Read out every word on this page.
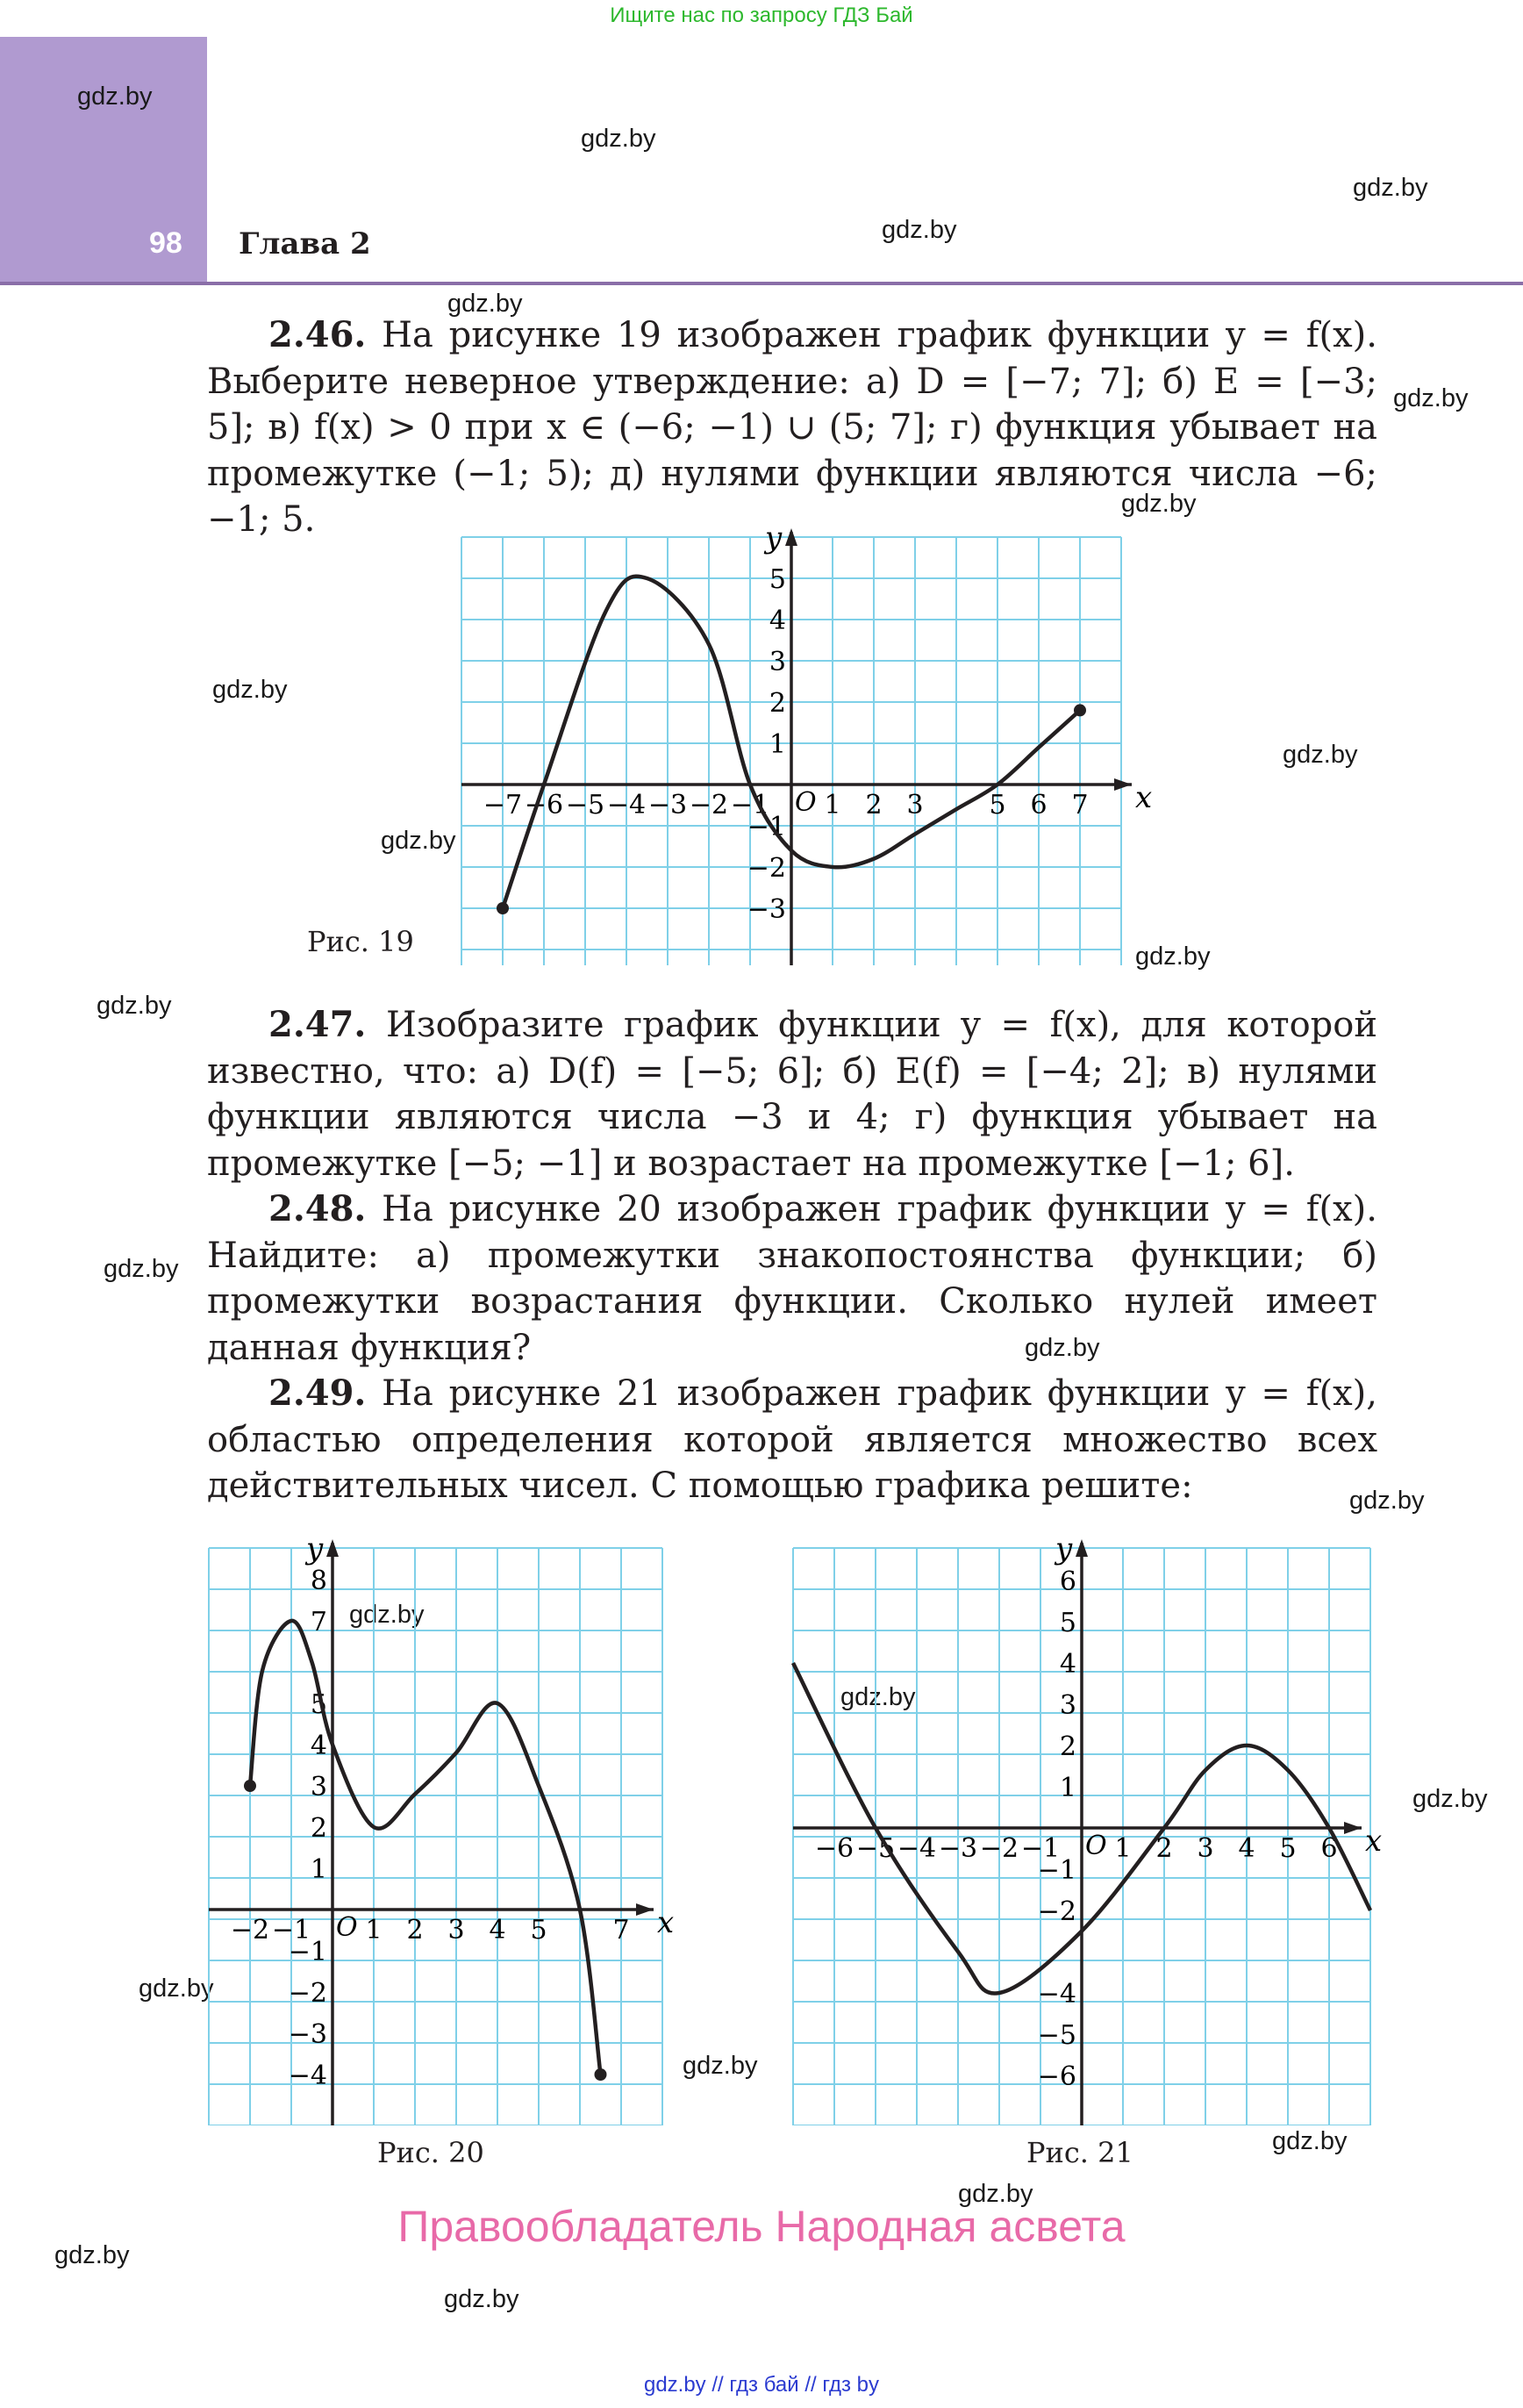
Ищите нас по запросу ГДЗ Бай
98 Глава 2
gdz.by
gdz.by
gdz.by
gdz.by
gdz.by
gdz.by
gdz.by
gdz.by
gdz.by
gdz.by
gdz.by
gdz.by
gdz.by
gdz.by
gdz.by
gdz.by
gdz.by
gdz.by
gdz.by
gdz.by
gdz.by
gdz.by
gdz.by
gdz.by
2.46. На рисунке 19 изображен график функции y = f(x). Выберите неверное утверждение: а) D = [−7; 7]; б) E = [−3; 5]; в) f(x) > 0 при x ∈ (−6; −1) ∪ (5; 7]; г) функция убывает на промежутке (−1; 5); д) нулями функции являются числа −6; −1; 5.
x
y
O
−7 −6 −5 −4 −3 −2 −1 1 2 3 5 6 7
5
4
3
2
1
−1
−2
−3
Рис. 19
2.47. Изобразите график функции y = f(x), для которой известно, что: а) D(f) = [−5; 6]; б) E(f) = [−4; 2]; в) нулями функции являются числа −3 и 4; г) функция убывает на промежутке [−5; −1] и возрастает на промежутке [−1; 6].
2.48. На рисунке 20 изображен график функции y = f(x). Найдите: а) промежутки знакопостоянства функции; б) промежутки возрастания функции. Сколько нулей имеет данная функция?
2.49. На рисунке 21 изображен график функции y = f(x), областью определения которой является множество всех действительных чисел. С помощью графика решите:
x
y
O
−2 −1 1 2 3 4 5 7
8
7
5
4
3
2
1
−1
−2
−3
−4
Рис. 20
x
y
O
−6 −5 −4 −3 −2 −1 1 2 3 4 5 6
6
5
4
3
2
1
−1
−2
−4
−5
−6
Рис. 21
Правообладатель Народная асвета
gdz.by // гдз бай // гдз by
